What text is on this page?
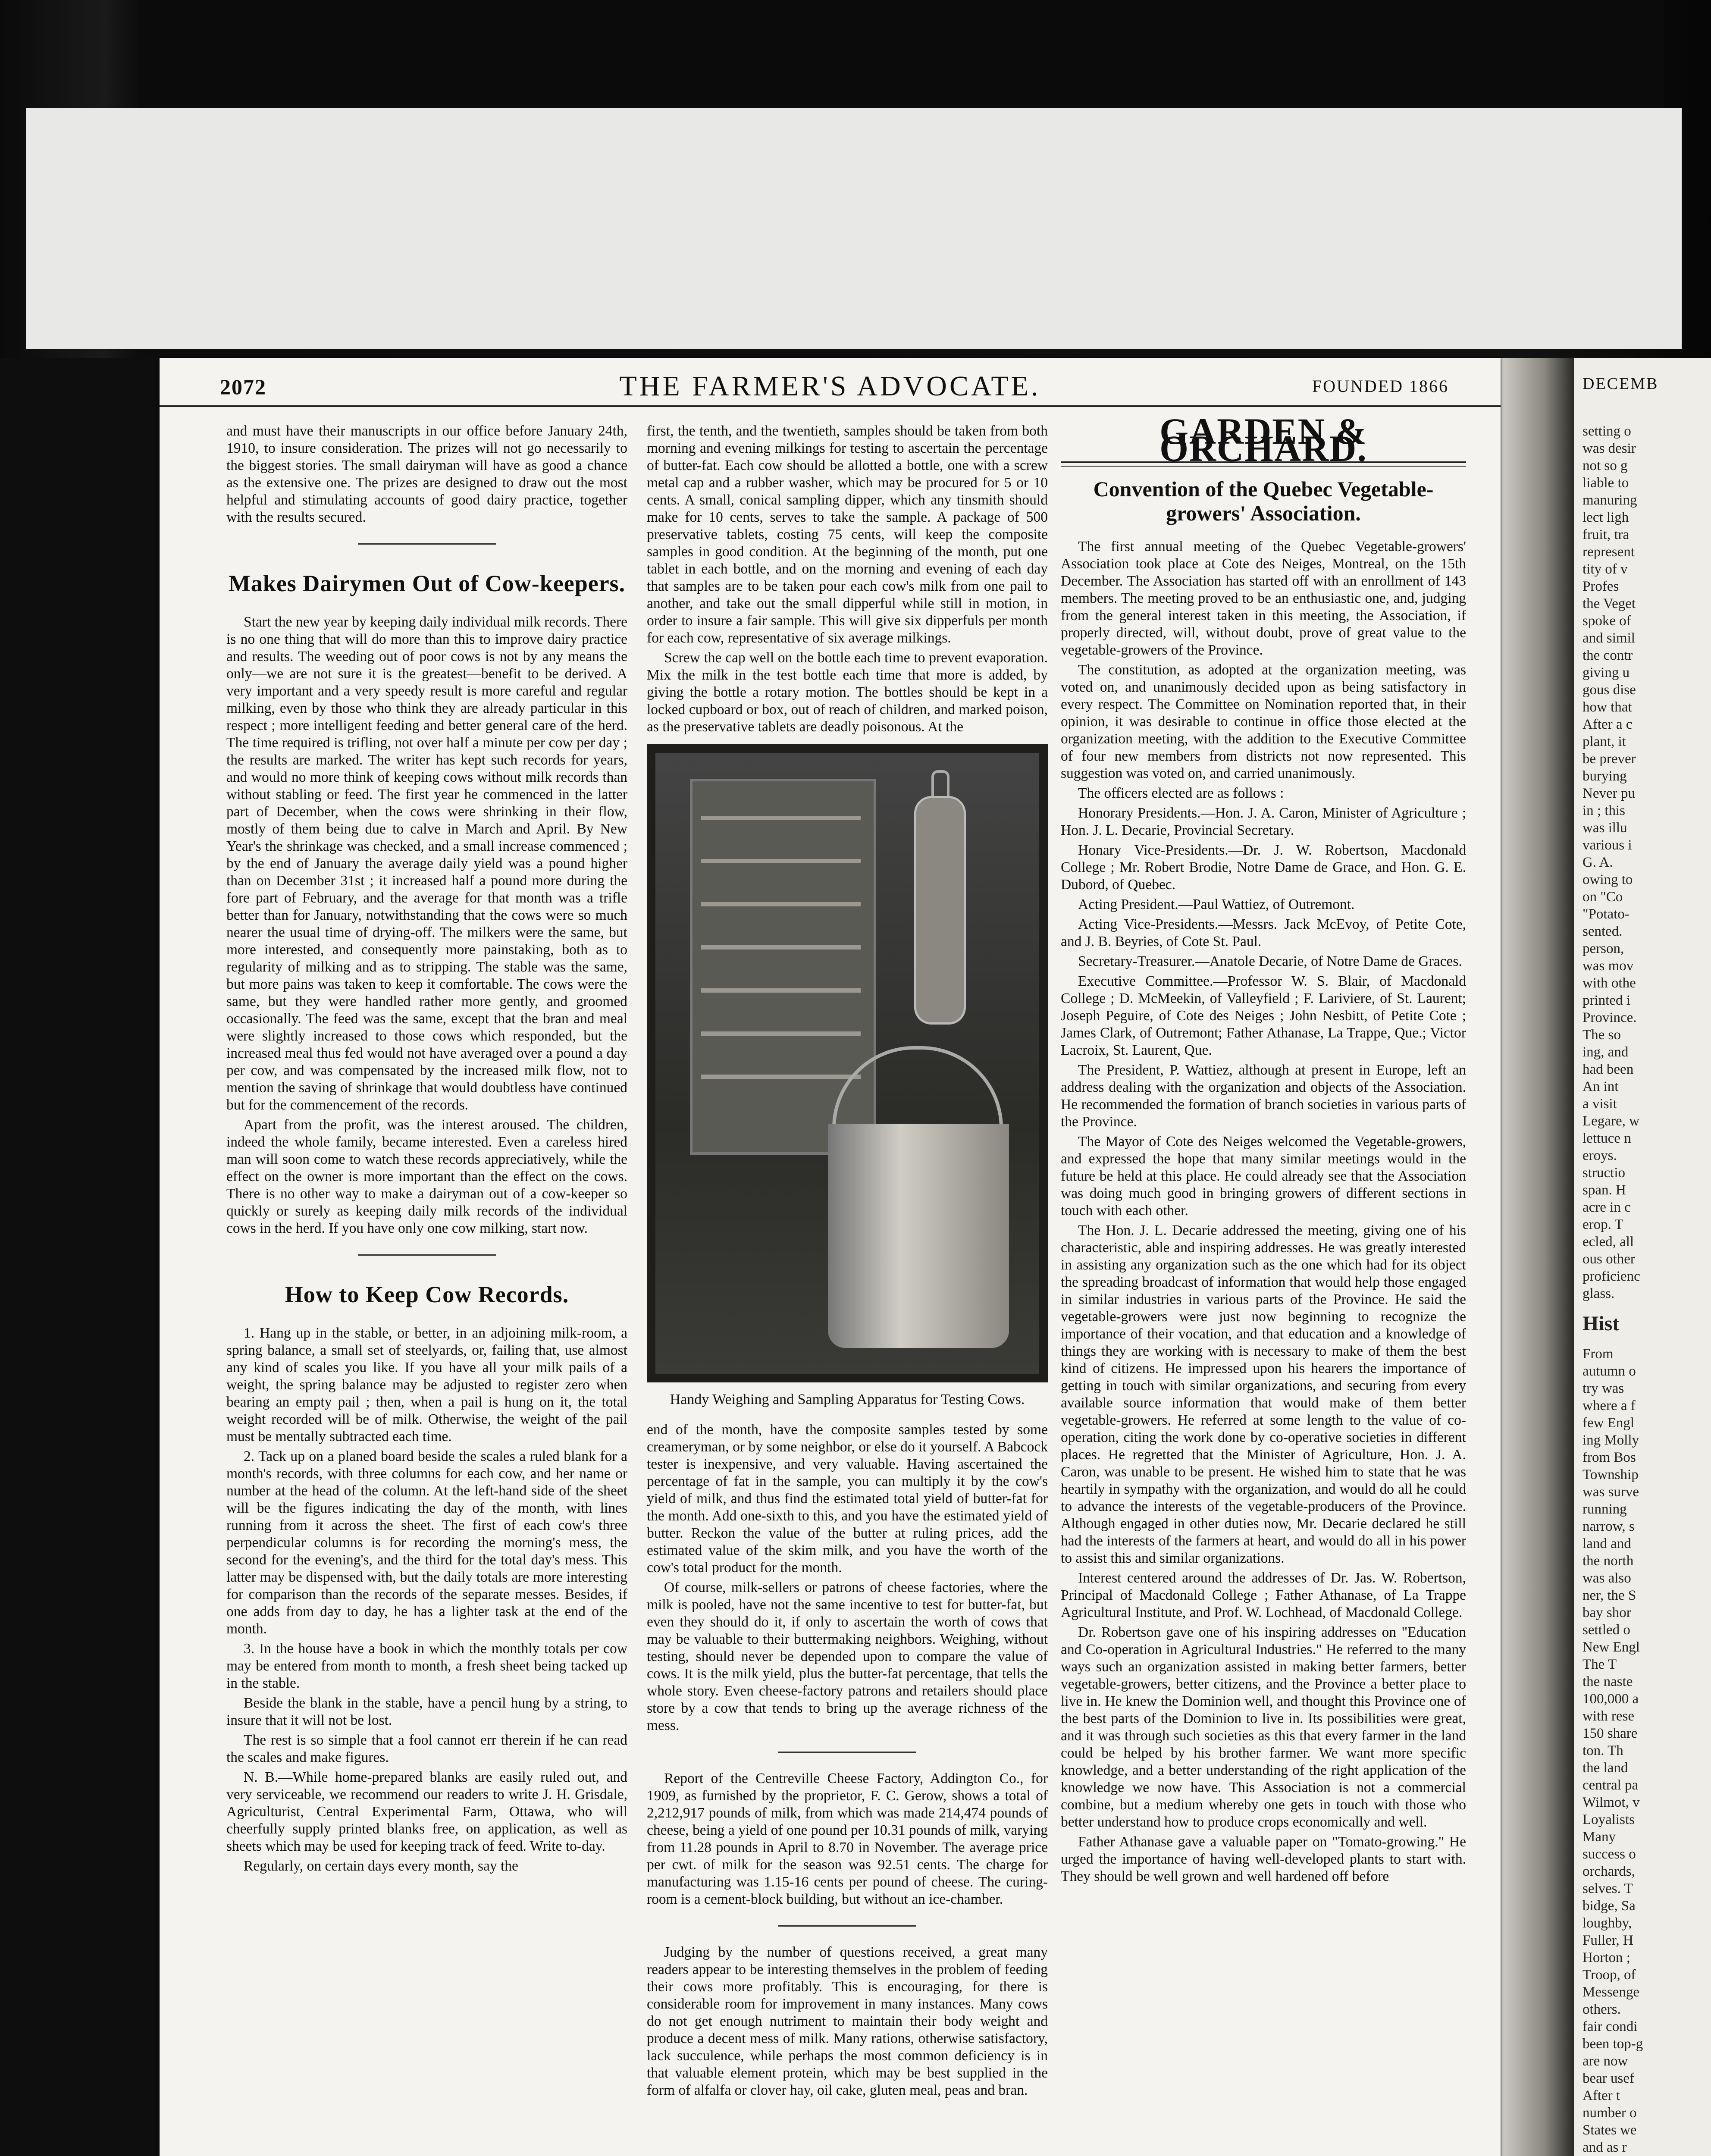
DECEMB
setting o
was desir
not so g
liable to
manuring
lect ligh
fruit, tra
represent
tity of v
Profes
the Veget
spoke of
and simil
the contr
giving u
gous dise
how that
After a c
plant, it
be prever
burying
Never pu
in ; this
was illu
various i
G. A.
owing to
on "Co
"Potato-
sented.
person,
was mov
with othe
printed i
Province.
The so
ing, and
had been
An int
a visit
Legare, w
lettuce n
eroys.
structio
span. H
acre in c
erop. T
ecled, all
ous other
proficienc
glass.
Hist
From
autumn o
try was
where a f
few Engl
ing Molly
from Bos
Township
was surve
running
narrow, s
land and
the north
was also
ner, the S
bay shor
settled o
New Engl
The T
the naste
100,000 a
with rese
150 share
ton. Th
the land
central pa
Wilmot, v
Loyalists
Many
success o
orchards,
selves. T
bidge, Sa
loughby,
Fuller, H
Horton ;
Troop, of
Messenge
others.
fair condi
been top-g
are now
bear usef
After t
number o
States we
and as r
2072	THE FARMER'S ADVOCATE.	FOUNDED 1866

and must have their manuscripts in our office before January 24th, 1910, to insure consideration. The prizes will not go necessarily to the biggest stories. The small dairyman will have as good a chance as the extensive one. The prizes are designed to draw out the most helpful and stimulating accounts of good dairy practice, together with the results secured.

Makes Dairymen Out of Cow-keepers.

Start the new year by keeping daily individual milk records. There is no one thing that will do more than this to improve dairy practice and results. The weeding out of poor cows is not by any means the only—we are not sure it is the greatest—benefit to be derived. A very important and a very speedy result is more careful and regular milking, even by those who think they are already particular in this respect ; more intelligent feeding and better general care of the herd. The time required is trifling, not over half a minute per cow per day ; the results are marked. The writer has kept such records for years, and would no more think of keeping cows without milk records than without stabling or feed. The first year he commenced in the latter part of December, when the cows were shrinking in their flow, mostly of them being due to calve in March and April. By New Year's the shrinkage was checked, and a small increase commenced ; by the end of January the average daily yield was a pound higher than on December 31st ; it increased half a pound more during the fore part of February, and the average for that month was a trifle better than for January, notwithstanding that the cows were so much nearer the usual time of drying-off. The milkers were the same, but more interested, and consequently more painstaking, both as to regularity of milking and as to stripping. The stable was the same, but more pains was taken to keep it comfortable. The cows were the same, but they were handled rather more gently, and groomed occasionally. The feed was the same, except that the bran and meal were slightly increased to those cows which responded, but the increased meal thus fed would not have averaged over a pound a day per cow, and was compensated by the increased milk flow, not to mention the saving of shrinkage that would doubtless have continued but for the commencement of the records.

Apart from the profit, was the interest aroused. The children, indeed the whole family, became interested. Even a careless hired man will soon come to watch these records appreciatively, while the effect on the owner is more important than the effect on the cows. There is no other way to make a dairyman out of a cow-keeper so quickly or surely as keeping daily milk records of the individual cows in the herd. If you have only one cow milking, start now.

How to Keep Cow Records.

1. Hang up in the stable, or better, in an adjoining milk-room, a spring balance, a small set of steelyards, or, failing that, use almost any kind of scales you like. If you have all your milk pails of a weight, the spring balance may be adjusted to register zero when bearing an empty pail ; then, when a pail is hung on it, the total weight recorded will be of milk. Otherwise, the weight of the pail must be mentally subtracted each time.

2. Tack up on a planed board beside the scales a ruled blank for a month's records, with three columns for each cow, and her name or number at the head of the column. At the left-hand side of the sheet will be the figures indicating the day of the month, with lines running from it across the sheet. The first of each cow's three perpendicular columns is for recording the morning's mess, the second for the evening's, and the third for the total day's mess. This latter may be dispensed with, but the daily totals are more interesting for comparison than the records of the separate messes. Besides, if one adds from day to day, he has a lighter task at the end of the month.

3. In the house have a book in which the monthly totals per cow may be entered from month to month, a fresh sheet being tacked up in the stable.

Beside the blank in the stable, have a pencil hung by a string, to insure that it will not be lost.

The rest is so simple that a fool cannot err therein if he can read the scales and make figures.

N. B.—While home-prepared blanks are easily ruled out, and very serviceable, we recommend our readers to write J. H. Grisdale, Agriculturist, Central Experimental Farm, Ottawa, who will cheerfully supply printed blanks free, on application, as well as sheets which may be used for keeping track of feed. Write to-day.

Regularly, on certain days every month, say the

first, the tenth, and the twentieth, samples should be taken from both morning and evening milkings for testing to ascertain the percentage of butter-fat. Each cow should be allotted a bottle, one with a screw metal cap and a rubber washer, which may be procured for 5 or 10 cents. A small, conical sampling dipper, which any tinsmith should make for 10 cents, serves to take the sample. A package of 500 preservative tablets, costing 75 cents, will keep the composite samples in good condition. At the beginning of the month, put one tablet in each bottle, and on the morning and evening of each day that samples are to be taken pour each cow's milk from one pail to another, and take out the small dipperful while still in motion, in order to insure a fair sample. This will give six dipperfuls per month for each cow, representative of six average milkings.

Screw the cap well on the bottle each time to prevent evaporation. Mix the milk in the test bottle each time that more is added, by giving the bottle a rotary motion. The bottles should be kept in a locked cupboard or box, out of reach of children, and marked poison, as the preservative tablets are deadly poisonous. At the

Handy Weighing and Sampling Apparatus for Testing Cows.

end of the month, have the composite samples tested by some creameryman, or by some neighbor, or else do it yourself. A Babcock tester is inexpensive, and very valuable. Having ascertained the percentage of fat in the sample, you can multiply it by the cow's yield of milk, and thus find the estimated total yield of butter-fat for the month. Add one-sixth to this, and you have the estimated yield of butter. Reckon the value of the butter at ruling prices, add the estimated value of the skim milk, and you have the worth of the cow's total product for the month.

Of course, milk-sellers or patrons of cheese factories, where the milk is pooled, have not the same incentive to test for butter-fat, but even they should do it, if only to ascertain the worth of cows that may be valuable to their buttermaking neighbors. Weighing, without testing, should never be depended upon to compare the value of cows. It is the milk yield, plus the butter-fat percentage, that tells the whole story. Even cheese-factory patrons and retailers should place store by a cow that tends to bring up the average richness of the mess.

Report of the Centreville Cheese Factory, Addington Co., for 1909, as furnished by the proprietor, F. C. Gerow, shows a total of 2,212,917 pounds of milk, from which was made 214,474 pounds of cheese, being a yield of one pound per 10.31 pounds of milk, varying from 11.28 pounds in April to 8.70 in November. The average price per cwt. of milk for the season was 92.51 cents. The charge for manufacturing was 1.15-16 cents per pound of cheese. The curing-room is a cement-block building, but without an ice-chamber.

Judging by the number of questions received, a great many readers appear to be interesting themselves in the problem of feeding their cows more profitably. This is encouraging, for there is considerable room for improvement in many instances. Many cows do not get enough nutriment to maintain their body weight and produce a decent mess of milk. Many rations, otherwise satisfactory, lack succulence, while perhaps the most common deficiency is in that valuable element protein, which may be best supplied in the form of alfalfa or clover hay, oil cake, gluten meal, peas and bran.

GARDEN & ORCHARD.
Convention of the Quebec Vegetable-growers' Association.

The first annual meeting of the Quebec Vegetable-growers' Association took place at Cote des Neiges, Montreal, on the 15th December. The Association has started off with an enrollment of 143 members. The meeting proved to be an enthusiastic one, and, judging from the general interest taken in this meeting, the Association, if properly directed, will, without doubt, prove of great value to the vegetable-growers of the Province.

The constitution, as adopted at the organization meeting, was voted on, and unanimously decided upon as being satisfactory in every respect. The Committee on Nomination reported that, in their opinion, it was desirable to continue in office those elected at the organization meeting, with the addition to the Executive Committee of four new members from districts not now represented. This suggestion was voted on, and carried unanimously.

The officers elected are as follows :

Honorary Presidents.—Hon. J. A. Caron, Minister of Agriculture ; Hon. J. L. Decarie, Provincial Secretary.

Honary Vice-Presidents.—Dr. J. W. Robertson, Macdonald College ; Mr. Robert Brodie, Notre Dame de Grace, and Hon. G. E. Dubord, of Quebec.

Acting President.—Paul Wattiez, of Outremont.

Acting Vice-Presidents.—Messrs. Jack McEvoy, of Petite Cote, and J. B. Beyries, of Cote St. Paul.

Secretary-Treasurer.—Anatole Decarie, of Notre Dame de Graces.

Executive Committee.—Professor W. S. Blair, of Macdonald College ; D. McMeekin, of Valleyfield ; F. Lariviere, of St. Laurent; Joseph Peguire, of Cote des Neiges ; John Nesbitt, of Petite Cote ; James Clark, of Outremont; Father Athanase, La Trappe, Que.; Victor Lacroix, St. Laurent, Que.

The President, P. Wattiez, although at present in Europe, left an address dealing with the organization and objects of the Association. He recommended the formation of branch societies in various parts of the Province.

The Mayor of Cote des Neiges welcomed the Vegetable-growers, and expressed the hope that many similar meetings would in the future be held at this place. He could already see that the Association was doing much good in bringing growers of different sections in touch with each other.

The Hon. J. L. Decarie addressed the meeting, giving one of his characteristic, able and inspiring addresses. He was greatly interested in assisting any organization such as the one which had for its object the spreading broadcast of information that would help those engaged in similar industries in various parts of the Province. He said the vegetable-growers were just now beginning to recognize the importance of their vocation, and that education and a knowledge of things they are working with is necessary to make of them the best kind of citizens. He impressed upon his hearers the importance of getting in touch with similar organizations, and securing from every available source information that would make of them better vegetable-growers. He referred at some length to the value of co-operation, citing the work done by co-operative societies in different places. He regretted that the Minister of Agriculture, Hon. J. A. Caron, was unable to be present. He wished him to state that he was heartily in sympathy with the organization, and would do all he could to advance the interests of the vegetable-producers of the Province. Although engaged in other duties now, Mr. Decarie declared he still had the interests of the farmers at heart, and would do all in his power to assist this and similar organizations.

Interest centered around the addresses of Dr. Jas. W. Robertson, Principal of Macdonald College ; Father Athanase, of La Trappe Agricultural Institute, and Prof. W. Lochhead, of Macdonald College.

Dr. Robertson gave one of his inspiring addresses on "Education and Co-operation in Agricultural Industries." He referred to the many ways such an organization assisted in making better farmers, better vegetable-growers, better citizens, and the Province a better place to live in. He knew the Dominion well, and thought this Province one of the best parts of the Dominion to live in. Its possibilities were great, and it was through such societies as this that every farmer in the land could be helped by his brother farmer. We want more specific knowledge, and a better understanding of the right application of the knowledge we now have. This Association is not a commercial combine, but a medium whereby one gets in touch with those who better understand how to produce crops economically and well.

Father Athanase gave a valuable paper on "Tomato-growing." He urged the importance of having well-developed plants to start with. They should be well grown and well hardened off before
